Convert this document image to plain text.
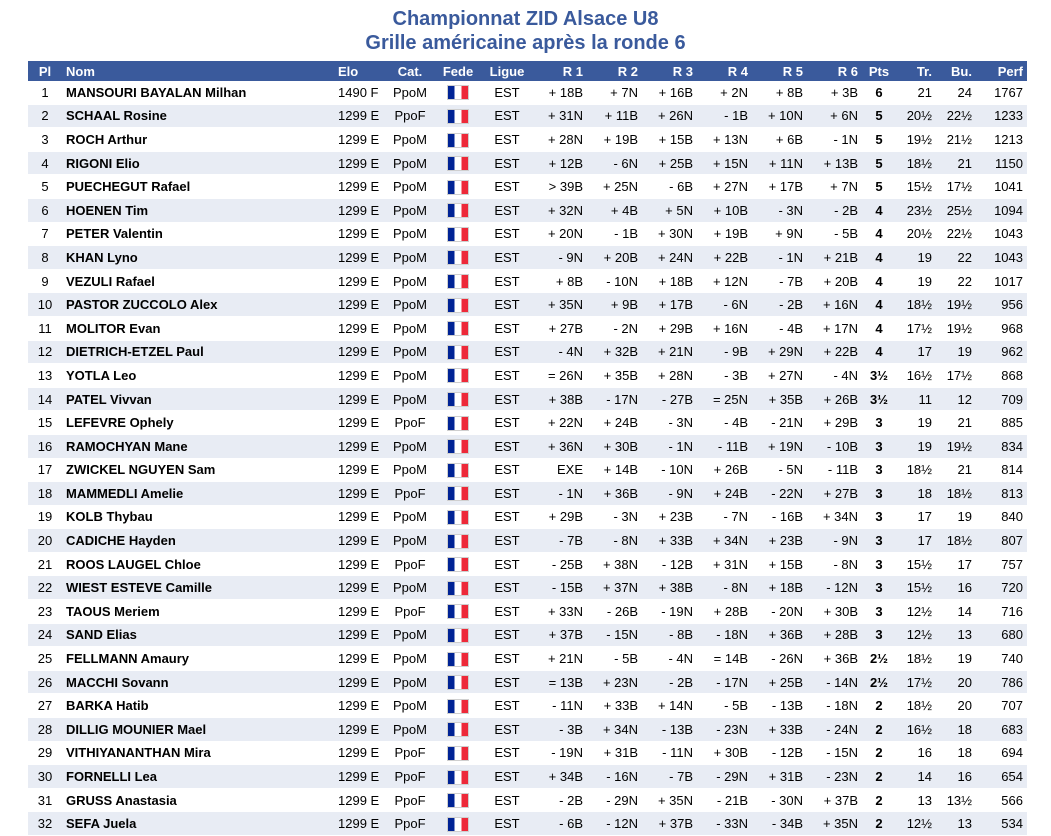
Championnat ZID Alsace U8
Grille américaine après la ronde 6
Pl	Nom	Elo	Cat.	Fede	Ligue	R 1	R 2	R 3	R 4	R 5	R 6	Pts	Tr.	Bu.	Perf
1	MANSOURI BAYALAN Milhan	1490 F	PpoM		EST	+ 18B	+ 7N	+ 16B	+ 2N	+ 8B	+ 3B	6	21	24	1767
2	SCHAAL Rosine	1299 E	PpoF		EST	+ 31N	+ 11B	+ 26N	- 1B	+ 10N	+ 6N	5	20½	22½	1233
3	ROCH Arthur	1299 E	PpoM		EST	+ 28N	+ 19B	+ 15B	+ 13N	+ 6B	- 1N	5	19½	21½	1213
4	RIGONI Elio	1299 E	PpoM		EST	+ 12B	- 6N	+ 25B	+ 15N	+ 11N	+ 13B	5	18½	21	1150
5	PUECHEGUT Rafael	1299 E	PpoM		EST	> 39B	+ 25N	- 6B	+ 27N	+ 17B	+ 7N	5	15½	17½	1041
6	HOENEN Tim	1299 E	PpoM		EST	+ 32N	+ 4B	+ 5N	+ 10B	- 3N	- 2B	4	23½	25½	1094
7	PETER Valentin	1299 E	PpoM		EST	+ 20N	- 1B	+ 30N	+ 19B	+ 9N	- 5B	4	20½	22½	1043
8	KHAN Lyno	1299 E	PpoM		EST	- 9N	+ 20B	+ 24N	+ 22B	- 1N	+ 21B	4	19	22	1043
9	VEZULI Rafael	1299 E	PpoM		EST	+ 8B	- 10N	+ 18B	+ 12N	- 7B	+ 20B	4	19	22	1017
10	PASTOR ZUCCOLO Alex	1299 E	PpoM		EST	+ 35N	+ 9B	+ 17B	- 6N	- 2B	+ 16N	4	18½	19½	956
11	MOLITOR Evan	1299 E	PpoM		EST	+ 27B	- 2N	+ 29B	+ 16N	- 4B	+ 17N	4	17½	19½	968
12	DIETRICH-ETZEL Paul	1299 E	PpoM		EST	- 4N	+ 32B	+ 21N	- 9B	+ 29N	+ 22B	4	17	19	962
13	YOTLA Leo	1299 E	PpoM		EST	= 26N	+ 35B	+ 28N	- 3B	+ 27N	- 4N	3½	16½	17½	868
14	PATEL Vivvan	1299 E	PpoM		EST	+ 38B	- 17N	- 27B	= 25N	+ 35B	+ 26B	3½	11	12	709
15	LEFEVRE Ophely	1299 E	PpoF		EST	+ 22N	+ 24B	- 3N	- 4B	- 21N	+ 29B	3	19	21	885
16	RAMOCHYAN Mane	1299 E	PpoM		EST	+ 36N	+ 30B	- 1N	- 11B	+ 19N	- 10B	3	19	19½	834
17	ZWICKEL NGUYEN Sam	1299 E	PpoM		EST	EXE	+ 14B	- 10N	+ 26B	- 5N	- 11B	3	18½	21	814
18	MAMMEDLI Amelie	1299 E	PpoF		EST	- 1N	+ 36B	- 9N	+ 24B	- 22N	+ 27B	3	18	18½	813
19	KOLB Thybau	1299 E	PpoM		EST	+ 29B	- 3N	+ 23B	- 7N	- 16B	+ 34N	3	17	19	840
20	CADICHE Hayden	1299 E	PpoM		EST	- 7B	- 8N	+ 33B	+ 34N	+ 23B	- 9N	3	17	18½	807
21	ROOS LAUGEL Chloe	1299 E	PpoF		EST	- 25B	+ 38N	- 12B	+ 31N	+ 15B	- 8N	3	15½	17	757
22	WIEST ESTEVE Camille	1299 E	PpoM		EST	- 15B	+ 37N	+ 38B	- 8N	+ 18B	- 12N	3	15½	16	720
23	TAOUS Meriem	1299 E	PpoF		EST	+ 33N	- 26B	- 19N	+ 28B	- 20N	+ 30B	3	12½	14	716
24	SAND Elias	1299 E	PpoM		EST	+ 37B	- 15N	- 8B	- 18N	+ 36B	+ 28B	3	12½	13	680
25	FELLMANN Amaury	1299 E	PpoM		EST	+ 21N	- 5B	- 4N	= 14B	- 26N	+ 36B	2½	18½	19	740
26	MACCHI Sovann	1299 E	PpoM		EST	= 13B	+ 23N	- 2B	- 17N	+ 25B	- 14N	2½	17½	20	786
27	BARKA Hatib	1299 E	PpoM		EST	- 11N	+ 33B	+ 14N	- 5B	- 13B	- 18N	2	18½	20	707
28	DILLIG MOUNIER Mael	1299 E	PpoM		EST	- 3B	+ 34N	- 13B	- 23N	+ 33B	- 24N	2	16½	18	683
29	VITHIYANANTHAN Mira	1299 E	PpoF		EST	- 19N	+ 31B	- 11N	+ 30B	- 12B	- 15N	2	16	18	694
30	FORNELLI Lea	1299 E	PpoF		EST	+ 34B	- 16N	- 7B	- 29N	+ 31B	- 23N	2	14	16	654
31	GRUSS Anastasia	1299 E	PpoF		EST	- 2B	- 29N	+ 35N	- 21B	- 30N	+ 37B	2	13	13½	566
32	SEFA Juela	1299 E	PpoF		EST	- 6B	- 12N	+ 37B	- 33N	- 34B	+ 35N	2	12½	13	534
